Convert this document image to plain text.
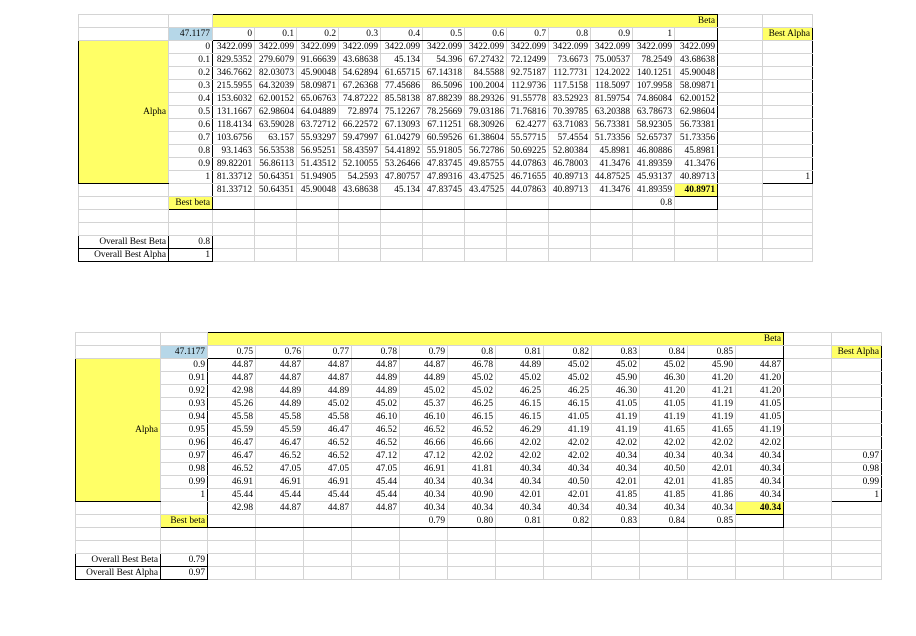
		Beta													
	47.1177	0	0.1	0.2	0.3	0.4	0.5	0.6	0.7	0.8	0.9	1			Best Alpha
Alpha	0	3422.099	3422.099	3422.099	3422.099	3422.099	3422.099	3422.099	3422.099	3422.099	3422.099	3422.099	3422.099		
	0.1	829.5352	279.6079	91.66639	43.68638	45.134	54.396	67.27432	72.12499	73.6673	75.00537	78.2549	43.68638		
	0.2	346.7662	82.03073	45.90048	54.62894	61.65715	67.14318	84.5588	92.75187	112.7731	124.2022	140.1251	45.90048		
	0.3	215.5955	64.32039	58.09871	67.26368	77.45686	86.5096	100.2004	112.9736	117.5158	118.5097	107.9958	58.09871		
	0.4	153.6032	62.00152	65.06763	74.87222	85.58138	87.88239	88.29326	91.55778	83.52923	81.59754	74.86084	62.00152		
	0.5	131.1667	62.98604	64.04889	72.8974	75.12267	78.25669	79.03186	71.76816	70.39785	63.20388	63.78673	62.98604		
	0.6	118.4134	63.59028	63.72712	66.22572	67.13093	67.11251	68.30926	62.4277	63.71083	56.73381	58.92305	56.73381		
	0.7	103.6756	63.157	55.93297	59.47997	61.04279	60.59526	61.38604	55.57715	57.4554	51.73356	52.65737	51.73356		
	0.8	93.1463	56.53538	56.95251	58.43597	54.41892	55.91805	56.72786	50.69225	52.80384	45.8981	46.80886	45.8981		
	0.9	89.82201	56.86113	51.43512	52.10055	53.26466	47.83745	49.85755	44.07863	46.78003	41.3476	41.89359	41.3476		
	1	81.33712	50.64351	51.94905	54.2593	47.80757	47.89316	43.47525	46.71655	40.89713	44.87525	45.93137	40.89713		1
		81.33712	50.64351	45.90048	43.68638	45.134	47.83745	43.47525	44.07863	40.89713	41.3476	41.89359	40.8971		
	Best beta											0.8			

Overall Best Beta	0.8														
Overall Best Alpha	1														
		Beta													
	47.1177	0.75	0.76	0.77	0.78	0.79	0.8	0.81	0.82	0.83	0.84	0.85			Best Alpha
Alpha	0.9	44.87	44.87	44.87	44.87	44.87	46.78	44.89	45.02	45.02	45.02	45.90	44.87		
	0.91	44.87	44.87	44.87	44.89	44.89	45.02	45.02	45.02	45.90	46.30	41.20	41.20		
	0.92	42.98	44.89	44.89	44.89	45.02	45.02	46.25	46.25	46.30	41.20	41.21	41.20		
	0.93	45.26	44.89	45.02	45.02	45.37	46.25	46.15	46.15	41.05	41.05	41.19	41.05		
	0.94	45.58	45.58	45.58	46.10	46.10	46.15	46.15	41.05	41.19	41.19	41.19	41.05		
	0.95	45.59	45.59	46.47	46.52	46.52	46.52	46.29	41.19	41.19	41.65	41.65	41.19		
	0.96	46.47	46.47	46.52	46.52	46.66	46.66	42.02	42.02	42.02	42.02	42.02	42.02		
	0.97	46.47	46.52	46.52	47.12	47.12	42.02	42.02	42.02	40.34	40.34	40.34	40.34		0.97
	0.98	46.52	47.05	47.05	47.05	46.91	41.81	40.34	40.34	40.34	40.50	42.01	40.34		0.98
	0.99	46.91	46.91	46.91	45.44	40.34	40.34	40.34	40.50	42.01	42.01	41.85	40.34		0.99
	1	45.44	45.44	45.44	45.44	40.34	40.90	42.01	42.01	41.85	41.85	41.86	40.34		1
		42.98	44.87	44.87	44.87	40.34	40.34	40.34	40.34	40.34	40.34	40.34	40.34		
	Best beta					0.79	0.80	0.81	0.82	0.83	0.84	0.85			

Overall Best Beta	0.79														
Overall Best Alpha	0.97														
